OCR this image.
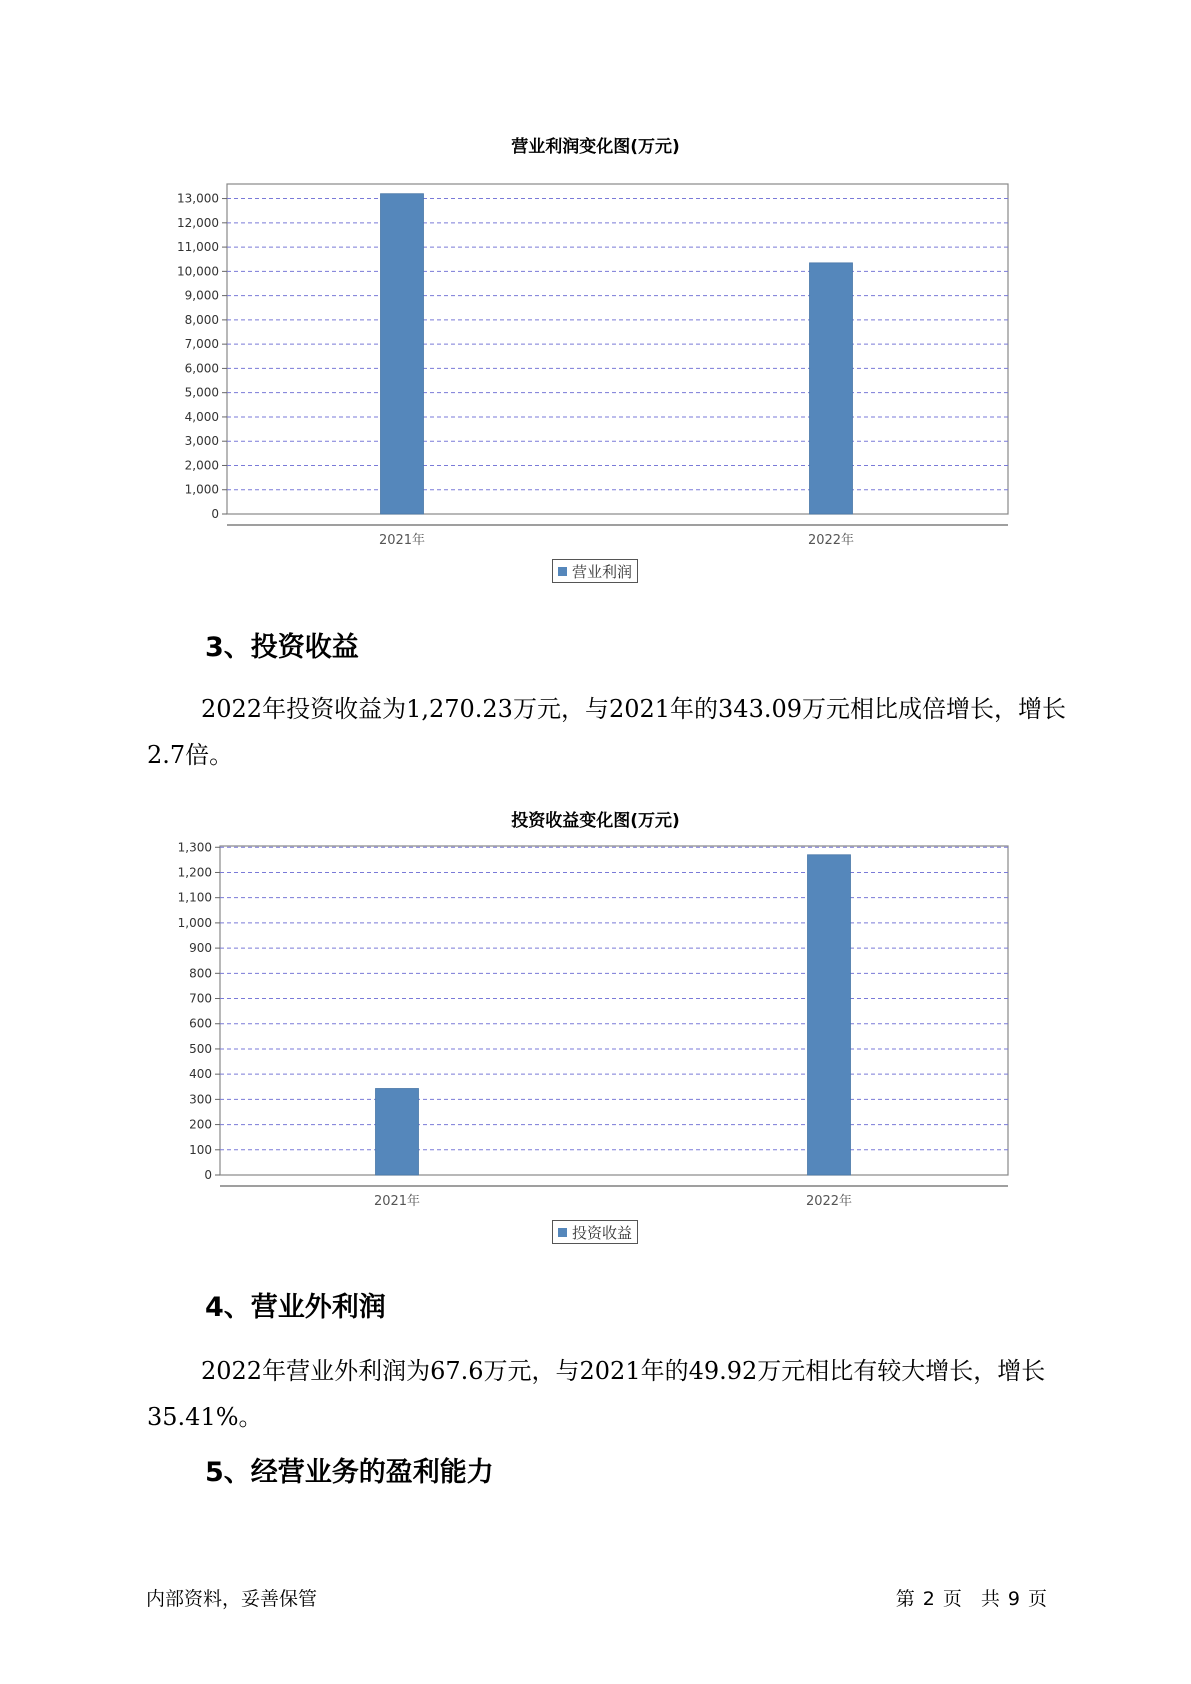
营业利润变化图(万元)
0
1,000
2,000
3,000
4,000
5,000
6,000
7,000
8,000
9,000
10,000
11,000
12,000
13,000
2021年	2022年
营业利润
3、投资收益

2022年投资收益为1,270.23万元，与2021年的343.09万元相比成倍增长，增长2.7倍。

投资收益变化图(万元)
0
100
200
300
400
500
600
700
800
900
1,000
1,100
1,200
1,300
2021年	2022年
投资收益
4、营业外利润

2022年营业外利润为67.6万元，与2021年的49.92万元相比有较大增长，增长35.41%。

5、经营业务的盈利能力
内部资料，妥善保管	第 2 页　共 9 页
